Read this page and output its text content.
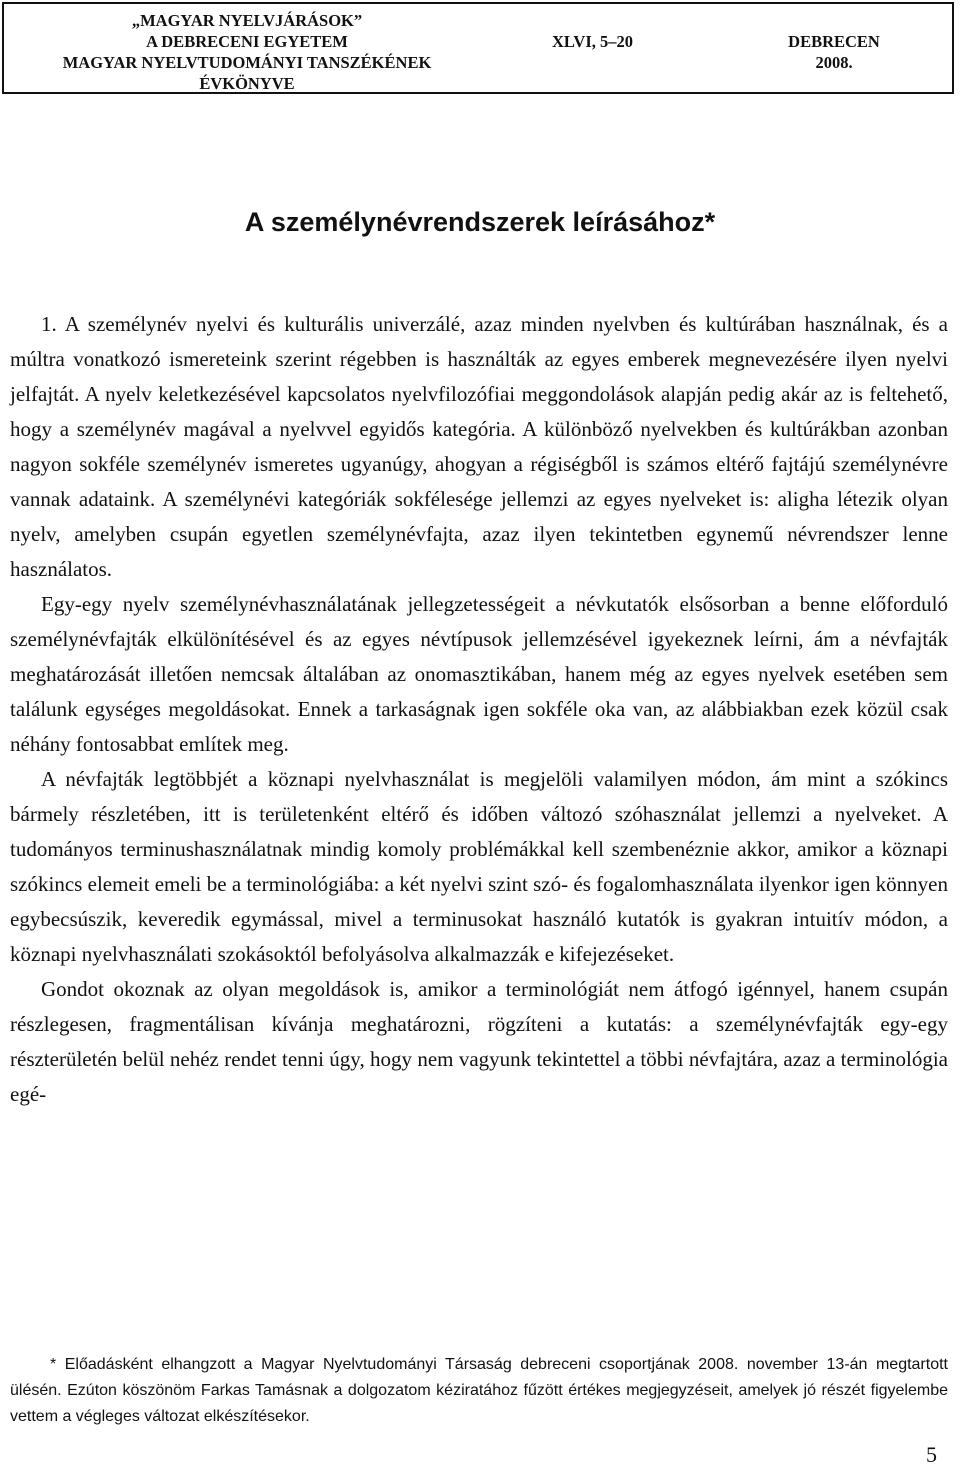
„MAGYAR NYELVJÁRÁSOK”
A DEBRECENI EGYETEM
MAGYAR NYELVTUDOMÁNYI TANSZÉKÉNEK
ÉVKÖNYVE
XLVI, 5–20	DEBRECEN
2008.
A személynévrendszerek leírásához*

1. A személynév nyelvi és kulturális univerzálé, azaz minden nyelvben és kultúrában használnak, és a múltra vonatkozó ismereteink szerint régebben is használták az egyes emberek megnevezésére ilyen nyelvi jelfajtát. A nyelv keletkezésével kapcsolatos nyelvfilozófiai meggondolások alapján pedig akár az is feltehető, hogy a személynév magával a nyelvvel egyidős kategória. A különböző nyelvekben és kultúrákban azonban nagyon sokféle személynév ismeretes ugyanúgy, ahogyan a régiségből is számos eltérő fajtájú személynévre vannak adataink. A személynévi kategóriák sokfélesége jellemzi az egyes nyelveket is: aligha létezik olyan nyelv, amelyben csupán egyetlen személynévfajta, azaz ilyen tekintetben egynemű névrendszer lenne használatos.

Egy-egy nyelv személynévhasználatának jellegzetességeit a névkutatók elsősorban a benne előforduló személynévfajták elkülönítésével és az egyes névtípusok jellemzésével igyekeznek leírni, ám a névfajták meghatározását illetően nemcsak általában az onomasztikában, hanem még az egyes nyelvek esetében sem találunk egységes megoldásokat. Ennek a tarkaságnak igen sokféle oka van, az alábbiakban ezek közül csak néhány fontosabbat említek meg.

A névfajták legtöbbjét a köznapi nyelvhasználat is megjelöli valamilyen módon, ám mint a szókincs bármely részletében, itt is területenként eltérő és időben változó szóhasználat jellemzi a nyelveket. A tudományos terminushasználatnak mindig komoly problémákkal kell szembenéznie akkor, amikor a köznapi szókincs elemeit emeli be a terminológiába: a két nyelvi szint szó- és fogalomhasználata ilyenkor igen könnyen egybecsúszik, keveredik egymással, mivel a terminusokat használó kutatók is gyakran intuitív módon, a köznapi nyelvhasználati szokásoktól befolyásolva alkalmazzák e kifejezéseket.

Gondot okoznak az olyan megoldások is, amikor a terminológiát nem átfogó igénnyel, hanem csupán részlegesen, fragmentálisan kívánja meghatározni, rögzíteni a kutatás: a személynévfajták egy-egy részterületén belül nehéz rendet tenni úgy, hogy nem vagyunk tekintettel a többi névfajtára, azaz a terminológia egé-

* Előadásként elhangzott a Magyar Nyelvtudományi Társaság debreceni csoportjának 2008. november 13-án megtartott ülésén. Ezúton köszönöm Farkas Tamásnak a dolgozatom kéziratához fűzött értékes megjegyzéseit, amelyek jó részét figyelembe vettem a végleges változat elkészítésekor.

5
